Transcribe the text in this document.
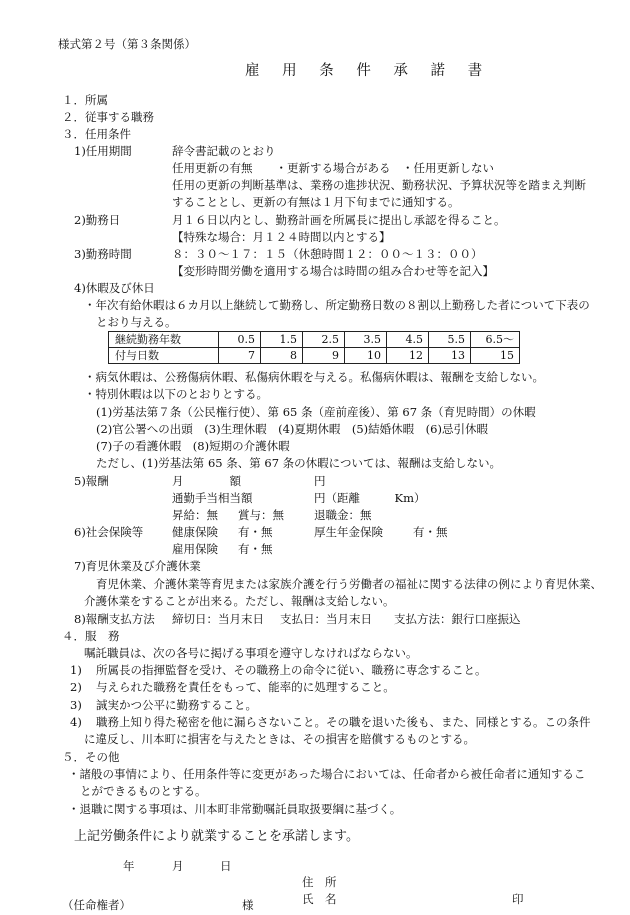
様式第２号（第３条関係）
雇 用 条 件 承 諾 書
１．所属
２．従事する職務
３．任用条件
1)任用期間	辞令書記載のとおり
任用更新の有無　　・更新する場合がある　・任用更新しない
任用の更新の判断基準は、業務の進捗状況、勤務状況、予算状況等を踏まえ判断
することとし、更新の有無は１月下旬までに通知する。
2)勤務日	月１６日以内とし、勤務計画を所属長に提出し承認を得ること。
【特殊な場合：月１２４時間以内とする】
3)勤務時間	８：３０～１７：１５（休憩時間１２：００～１３：００）
【変形時間労働を適用する場合は時間の組み合わせ等を記入】
4)休暇及び休日
・年次有給休暇は６カ月以上継続して勤務し、所定勤務日数の８割以上勤務した者について下表の
とおり与える。
継続勤務年数	0.5	1.5	2.5	3.5	4.5	5.5	6.5～
付与日数	7	8	9	10	12	13	15
・病気休暇は、公務傷病休暇、私傷病休暇を与える。私傷病休暇は、報酬を支給しない。
・特別休暇は以下のとおりとする。
(1)労基法第７条（公民権行使）、第 65 条（産前産後）、第 67 条（育児時間）の休暇
(2)官公署への出頭　(3)生理休暇　(4)夏期休暇　(5)結婚休暇　(6)忌引休暇
(7)子の看護休暇　(8)短期の介護休暇
ただし、(1)労基法第 65 条、第 67 条の休暇については、報酬は支給しない。
5)報酬	月　　　　額	円
通勤手当相当額	円（距離　　　Km）
昇給：無 賞与：無	退職金：無
6)社会保険等 健康保険 有・無	厚生年金保険	有・無
雇用保険 有・無
7)育児休業及び介護休業
育児休業、介護休業等育児または家族介護を行う労働者の福祉に関する法律の例により育児休業、
介護休業をすることが出来る。ただし、報酬は支給しない。
8)報酬支払方法 締切日：当月末日 支払日：当月末日 支払方法：銀行口座振込
４．服　務
嘱託職員は、次の各号に掲げる事項を遵守しなければならない。
1) 所属長の指揮監督を受け、その職務上の命令に従い、職務に専念すること。
2) 与えられた職務を責任をもって、能率的に処理すること。
3) 誠実かつ公平に勤務すること。
4) 職務上知り得た秘密を他に漏らさないこと。その職を退いた後も、また、同様とする。この条件
に違反し、川本町に損害を与えたときは、その損害を賠償するものとする。
５．その他
・諸般の事情により、任用条件等に変更があった場合においては、任命者から被任命者に通知するこ
とができるものとする。
・退職に関する事項は、川本町非常勤嘱託員取扱要綱に基づく。
上記労働条件により就業することを承諾します。
年	月	日
住　所
氏　名	印
（任命権者）	様
